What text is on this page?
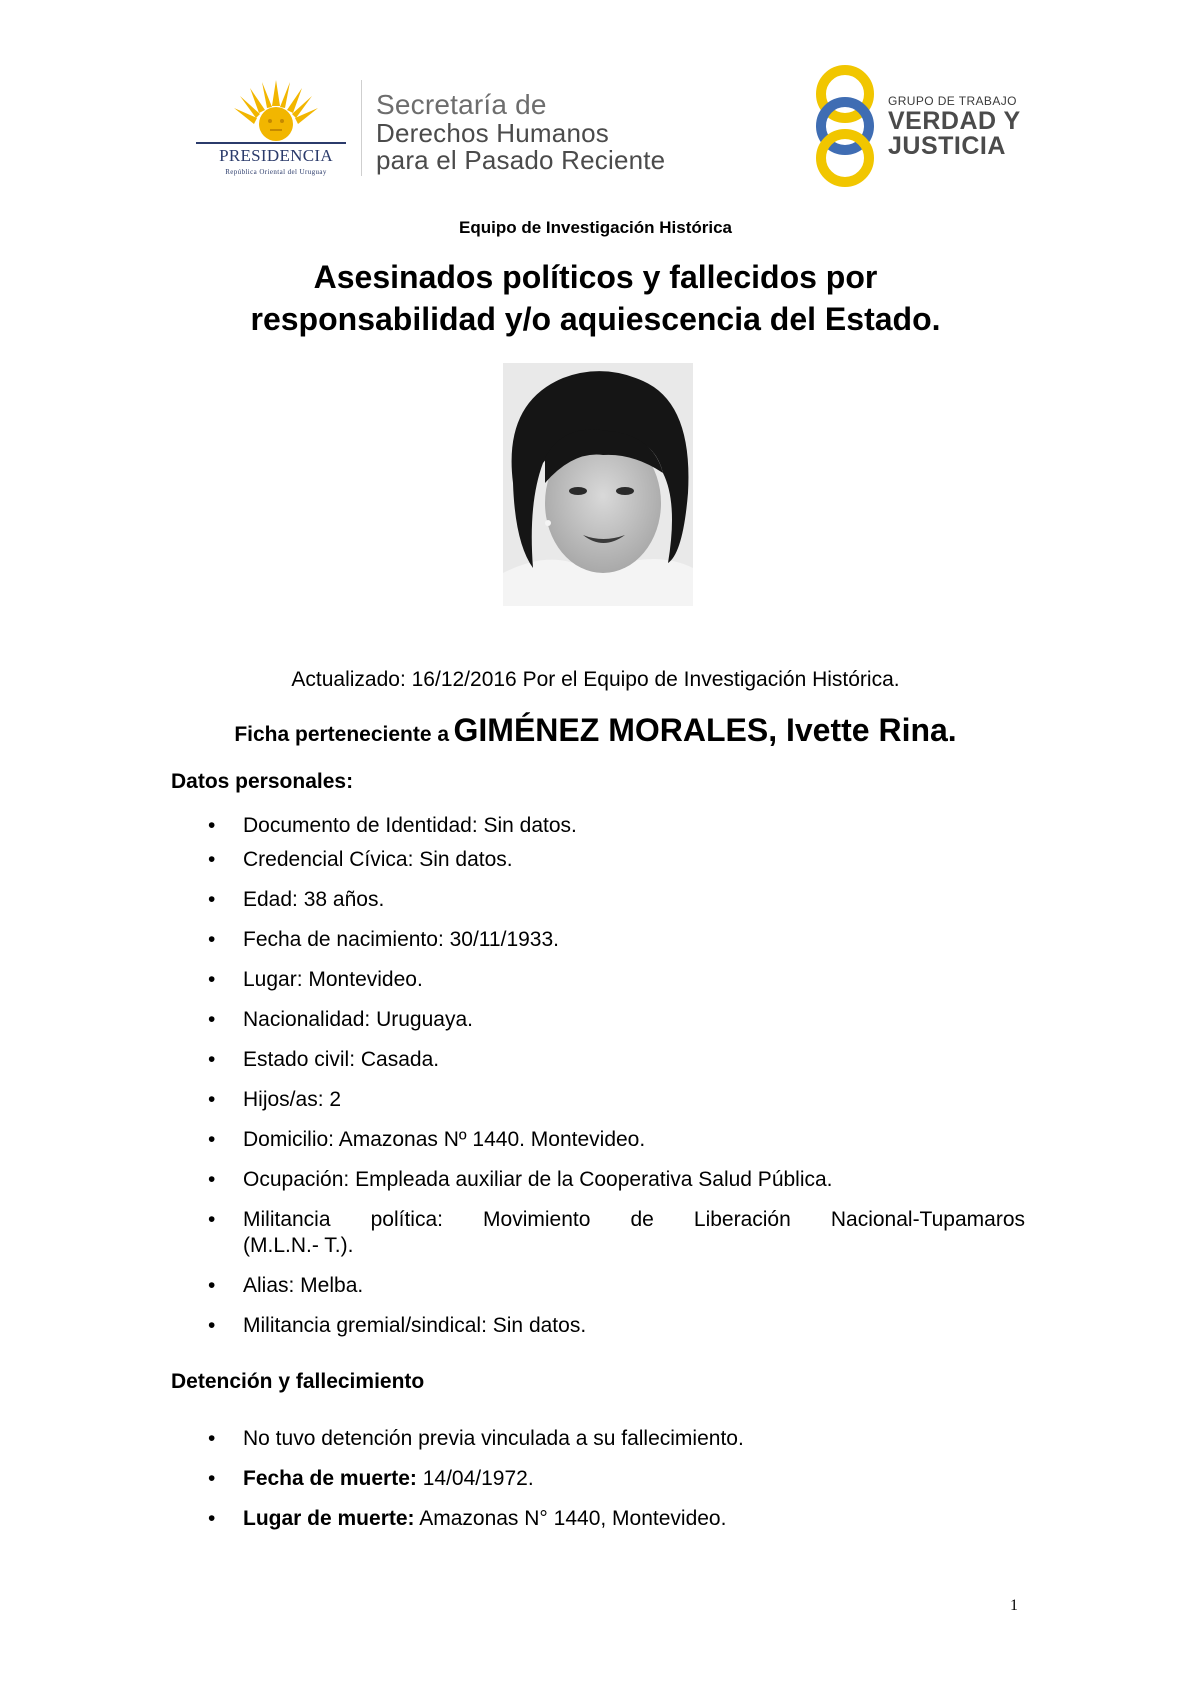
PRESIDENCIA
República Oriental del Uruguay
Secretaría de
Derechos Humanos
para el Pasado Reciente
GRUPO DE TRABAJO
VERDAD Y
JUSTICIA
Equipo de Investigación Histórica
Asesinados políticos y fallecidos por
responsabilidad y/o aquiescencia del Estado.
Actualizado: 16/12/2016 Por el Equipo de Investigación Histórica.
Ficha perteneciente a GIMÉNEZ MORALES, Ivette Rina.
Datos personales:
• Documento de Identidad: Sin datos.
• Credencial Cívica: Sin datos.
• Edad: 38 años.
• Fecha de nacimiento: 30/11/1933.
• Lugar: Montevideo.
• Nacionalidad: Uruguaya.
• Estado civil: Casada.
• Hijos/as: 2
• Domicilio: Amazonas Nº 1440. Montevideo.
• Ocupación: Empleada auxiliar de la Cooperativa Salud Pública.
• Militancia política: Movimiento de Liberación Nacional-Tupamaros
(M.L.N.- T.).
• Alias: Melba.
• Militancia gremial/sindical: Sin datos.
Detención y fallecimiento
• No tuvo detención previa vinculada a su fallecimiento.
• Fecha de muerte: 14/04/1972.
• Lugar de muerte: Amazonas N° 1440, Montevideo.
1
